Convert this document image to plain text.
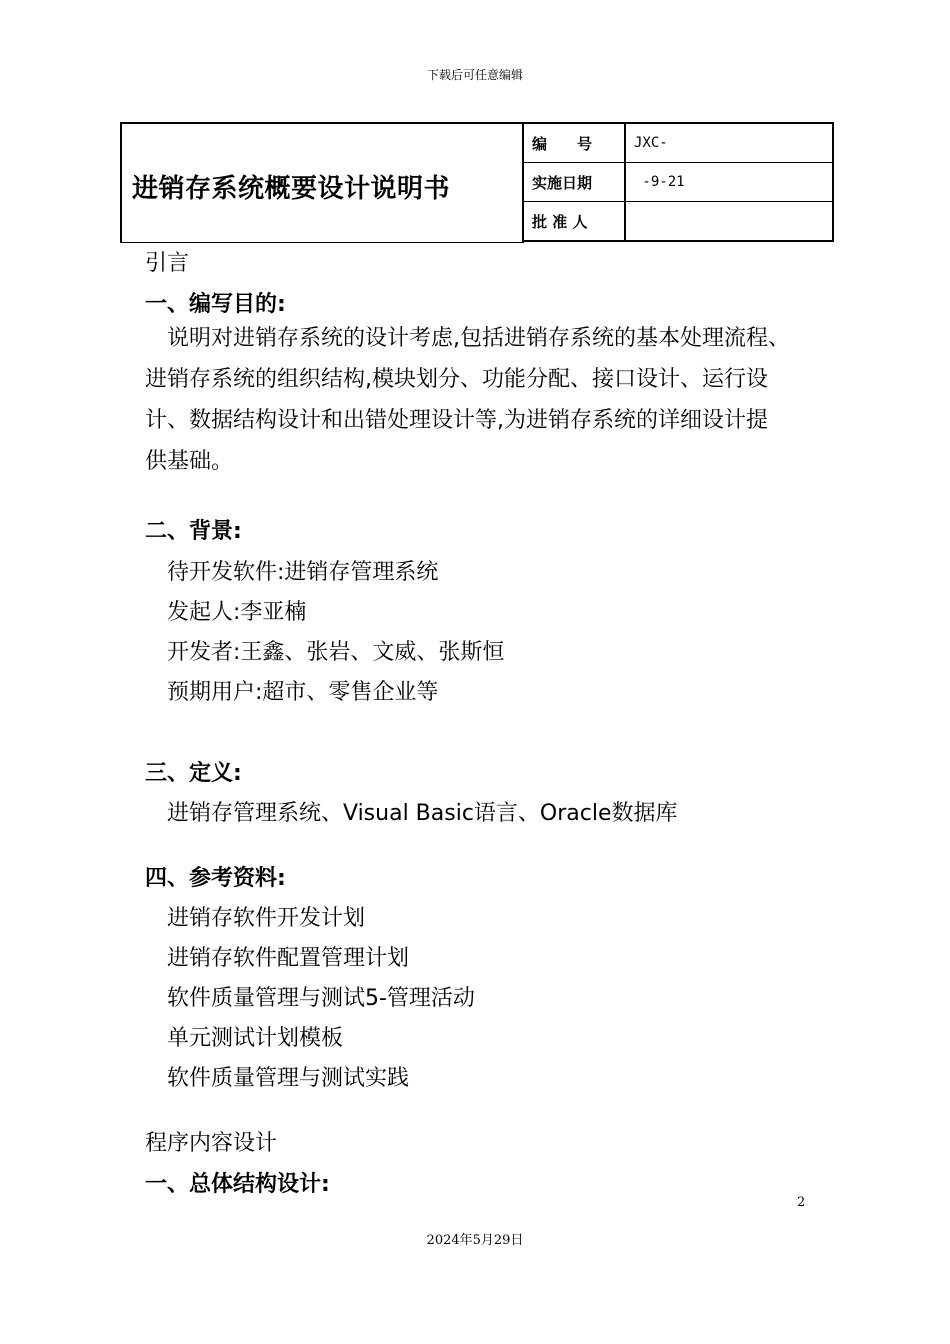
下载后可任意编辑
进销存系统概要设计说明书
编　　号	JXC-
实施日期	-9-21
批 准 人	
引言
一、编写目的:
　说明对进销存系统的设计考虑,包括进销存系统的基本处理流程、
进销存系统的组织结构,模块划分、功能分配、接口设计、运行设
计、数据结构设计和出错处理设计等,为进销存系统的详细设计提
供基础。
二、背景:
待开发软件:进销存管理系统
发起人:李亚楠
开发者:王鑫、张岩、文威、张斯恒
预期用户:超市、零售企业等
三、定义:
进销存管理系统、Visual Basic语言、Oracle数据库
四、参考资料:
进销存软件开发计划
进销存软件配置管理计划
软件质量管理与测试5-管理活动
单元测试计划模板
软件质量管理与测试实践
程序内容设计
一、总体结构设计:
2
2024年5月29日
